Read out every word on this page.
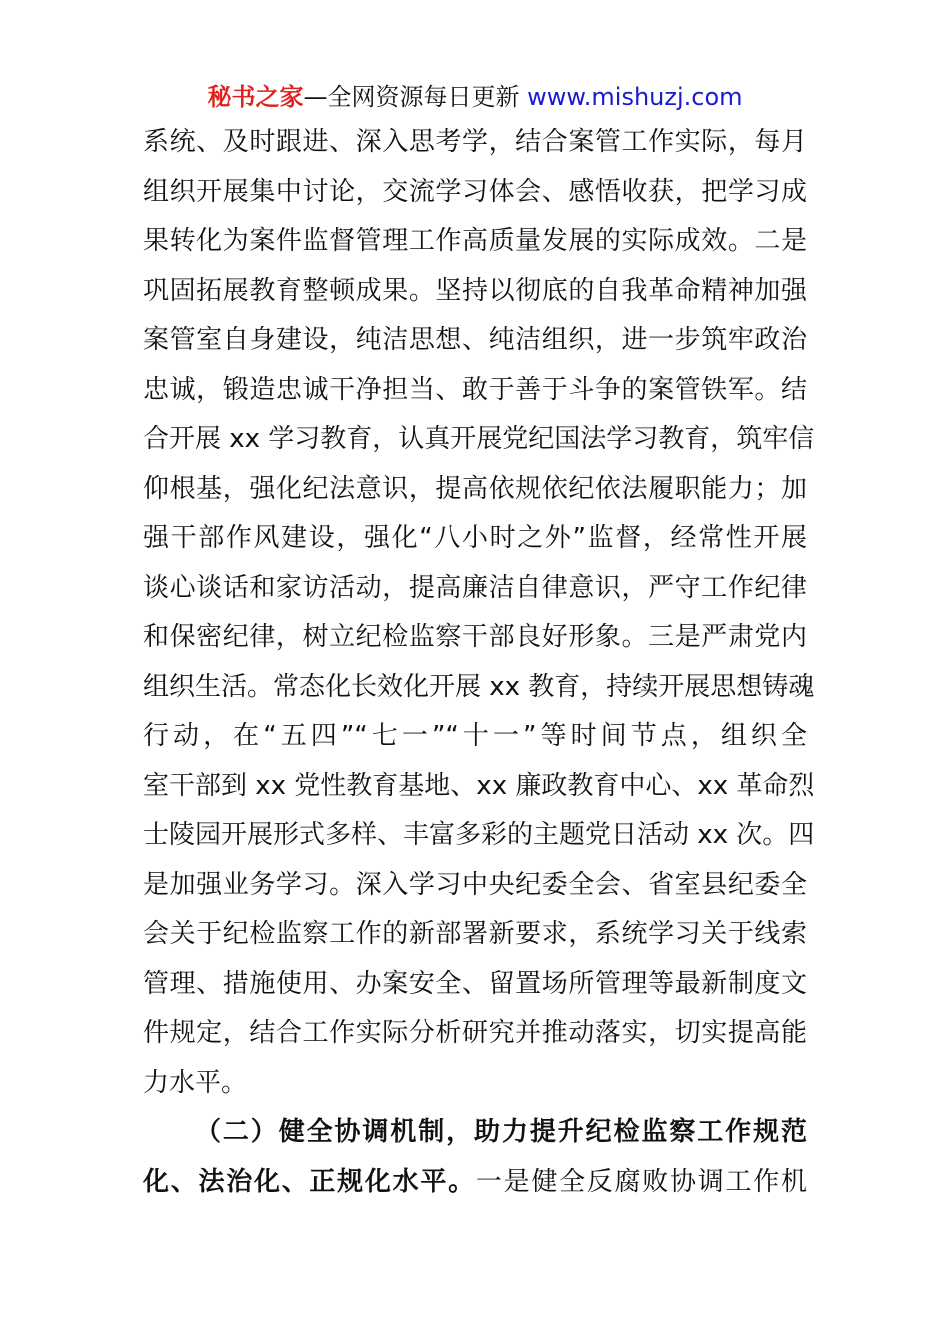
秘书之家—全网资源每日更新 www.mishuzj.com
系统、及时跟进、深入思考学，结合案管工作实际，每月
组织开展集中讨论，交流学习体会、感悟收获，把学习成
果转化为案件监督管理工作高质量发展的实际成效。二是
巩固拓展教育整顿成果。坚持以彻底的自我革命精神加强
案管室自身建设，纯洁思想、纯洁组织，进一步筑牢政治
忠诚，锻造忠诚干净担当、敢于善于斗争的案管铁军。结
合开展 xx 学习教育，认真开展党纪国法学习教育，筑牢信
仰根基，强化纪法意识，提高依规依纪依法履职能力；加
强干部作风建设，强化“八小时之外”监督，经常性开展
谈心谈话和家访活动，提高廉洁自律意识，严守工作纪律
和保密纪律，树立纪检监察干部良好形象。三是严肃党内
组织生活。常态化长效化开展 xx 教育，持续开展思想铸魂
行动，在“五四”“七一”“十一”等时间节点，组织全
室干部到 xx 党性教育基地、xx 廉政教育中心、xx 革命烈
士陵园开展形式多样、丰富多彩的主题党日活动 xx 次。四
是加强业务学习。深入学习中央纪委全会、省室县纪委全
会关于纪检监察工作的新部署新要求，系统学习关于线索
管理、措施使用、办案安全、留置场所管理等最新制度文
件规定，结合工作实际分析研究并推动落实，切实提高能
力水平。
（二）健全协调机制，助力提升纪检监察工作规范
化、法治化、正规化水平。一是健全反腐败协调工作机
